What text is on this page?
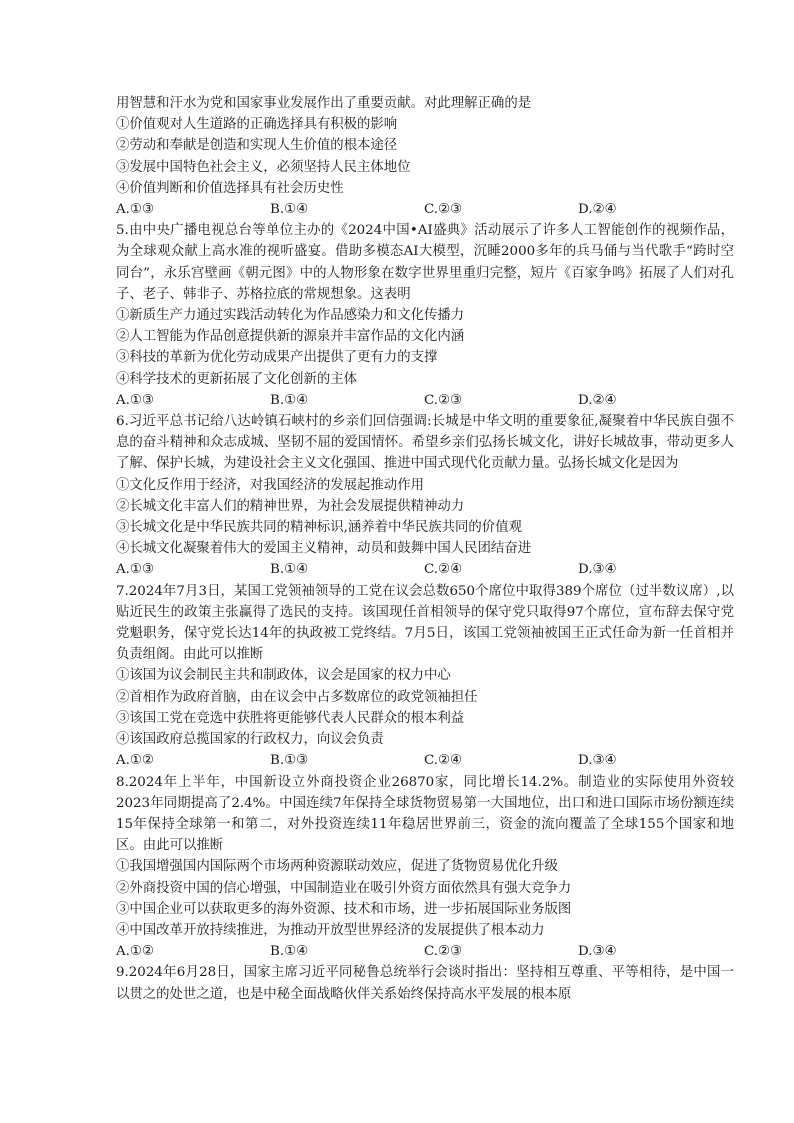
用智慧和汗水为党和国家事业发展作出了重要贡献。对此理解正确的是

①价值观对人生道路的正确选择具有积极的影响

②劳动和奉献是创造和实现人生价值的根本途径

③发展中国特色社会主义，必须坚持人民主体地位

④价值判断和价值选择具有社会历史性

A.①③	B.①④	C.②③	D.②④

5.由中央广播电视总台等单位主办的《2024中国•AI盛典》活动展示了许多人工智能创作的视频作品，为全球观众献上高水准的视听盛宴。借助多模态AI大模型，沉睡2000多年的兵马俑与当代歌手“跨时空同台”，永乐宫壁画《朝元图》中的人物形象在数字世界里重归完整，短片《百家争鸣》拓展了人们对孔子、老子、韩非子、苏格拉底的常规想象。这表明

①新质生产力通过实践活动转化为作品感染力和文化传播力

②人工智能为作品创意提供新的源泉并丰富作品的文化内涵

③科技的革新为优化劳动成果产出提供了更有力的支撑

④科学技术的更新拓展了文化创新的主体

A.①③	B.①④	C.②③	D.②④

6.习近平总书记给八达岭镇石峡村的乡亲们回信强调:长城是中华文明的重要象征,凝聚着中华民族自强不息的奋斗精神和众志成城、坚韧不屈的爱国情怀。希望乡亲们弘扬长城文化，讲好长城故事，带动更多人了解、保护长城，为建设社会主义文化强国、推进中国式现代化贡献力量。弘扬长城文化是因为

①文化反作用于经济，对我国经济的发展起推动作用

②长城文化丰富人们的精神世界，为社会发展提供精神动力

③长城文化是中华民族共同的精神标识,涵养着中华民族共同的价值观

④长城文化凝聚着伟大的爱国主义精神，动员和鼓舞中国人民团结奋进

A.①③	B.①④	C.②④	D.③④

7.2024年7月3日，某国工党领袖领导的工党在议会总数650个席位中取得389个席位（过半数议席）,以贴近民生的政策主张赢得了选民的支持。该国现任首相领导的保守党只取得97个席位，宣布辞去保守党党魁职务，保守党长达14年的执政被工党终结。7月5日，该国工党领袖被国王正式任命为新一任首相并负责组阁。由此可以推断

①该国为议会制民主共和制政体，议会是国家的权力中心

②首相作为政府首脑，由在议会中占多数席位的政党领袖担任

③该国工党在竞选中获胜将更能够代表人民群众的根本利益

④该国政府总揽国家的行政权力，向议会负责

A.①②	B.①③	C.②④	D.③④

8.2024年上半年，中国新设立外商投资企业26870家，同比增长14.2%。制造业的实际使用外资较2023年同期提高了2.4%。中国连续7年保持全球货物贸易第一大国地位，出口和进口国际市场份额连续15年保持全球第一和第二，对外投资连续11年稳居世界前三，资金的流向覆盖了全球155个国家和地区。由此可以推断

①我国增强国内国际两个市场两种资源联动效应，促进了货物贸易优化升级

②外商投资中国的信心增强，中国制造业在吸引外资方面依然具有强大竞争力

③中国企业可以获取更多的海外资源、技术和市场，进一步拓展国际业务版图

④中国改革开放持续推进，为推动开放型世界经济的发展提供了根本动力

A.①②	B.①④	C.②③	D.③④

9.2024年6月28日，国家主席习近平同秘鲁总统举行会谈时指出：坚持相互尊重、平等相待，是中国一以贯之的处世之道，也是中秘全面战略伙伴关系始终保持高水平发展的根本原
